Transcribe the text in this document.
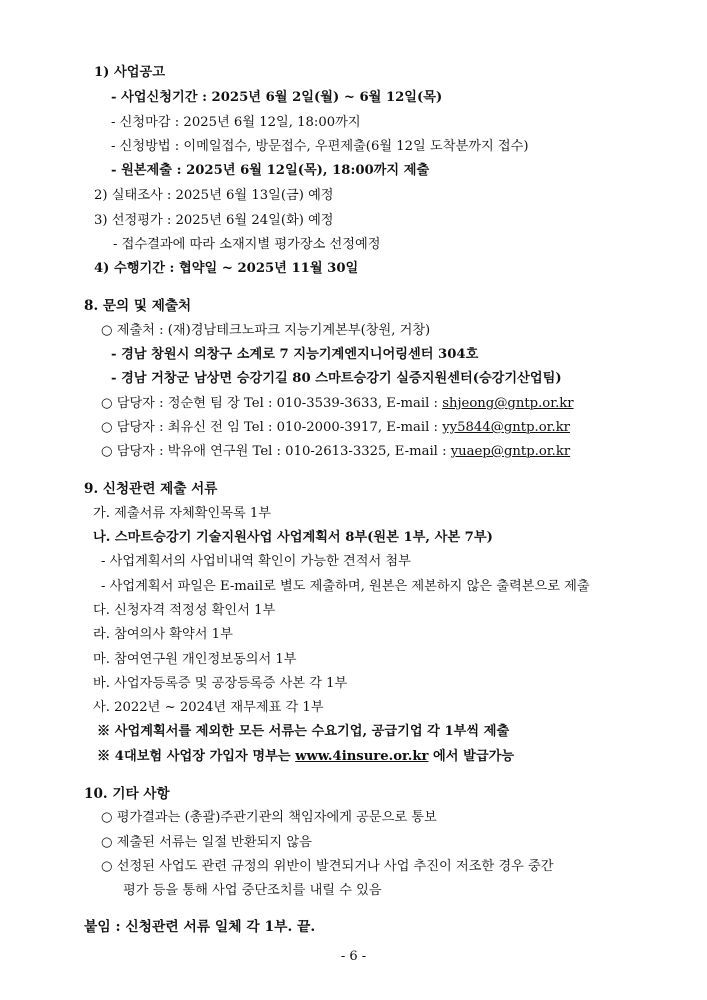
1) 사업공고
- 사업신청기간 : 2025년 6월 2일(월) ~ 6월 12일(목)
- 신청마감 : 2025년 6월 12일, 18:00까지
- 신청방법 : 이메일접수, 방문접수, 우편제출(6월 12일 도착분까지 접수)
- 원본제출 : 2025년 6월 12일(목), 18:00까지 제출
2) 실태조사 : 2025년 6월 13일(금) 예정
3) 선정평가 : 2025년 6월 24일(화) 예정
- 접수결과에 따라 소재지별 평가장소 선정예정
4) 수행기간 : 협약일 ~ 2025년 11월 30일
8. 문의 및 제출처
○ 제출처 : (재)경남테크노파크 지능기계본부(창원, 거창)
- 경남 창원시 의창구 소계로 7 지능기계엔지니어링센터 304호
- 경남 거창군 남상면 승강기길 80 스마트승강기 실증지원센터(승강기산업팀)
○ 담당자 : 정순현 팀 장 Tel : 010-3539-3633, E-mail : shjeong@gntp.or.kr
○ 담당자 : 최유신 전 임 Tel : 010-2000-3917, E-mail : yy5844@gntp.or.kr
○ 담당자 : 박유애 연구원 Tel : 010-2613-3325, E-mail : yuaep@gntp.or.kr
9. 신청관련 제출 서류
가. 제출서류 자체확인목록 1부
나. 스마트승강기 기술지원사업 사업계획서 8부(원본 1부, 사본 7부)
- 사업계획서의 사업비내역 확인이 가능한 견적서 첨부
- 사업계획서 파일은 E-mail로 별도 제출하며, 원본은 제본하지 않은 출력본으로 제출
다. 신청자격 적정성 확인서 1부
라. 참여의사 확약서 1부
마. 참여연구원 개인정보동의서 1부
바. 사업자등록증 및 공장등록증 사본 각 1부
사. 2022년 ~ 2024년 재무제표 각 1부
※ 사업계획서를 제외한 모든 서류는 수요기업, 공급기업 각 1부씩 제출
※ 4대보험 사업장 가입자 명부는 www.4insure.or.kr 에서 발급가능
10. 기타 사항
○ 평가결과는 (총괄)주관기관의 책임자에게 공문으로 통보
○ 제출된 서류는 일절 반환되지 않음
○ 선정된 사업도 관련 규정의 위반이 발견되거나 사업 추진이 저조한 경우 중간
평가 등을 통해 사업 중단조치를 내릴 수 있음
붙임 : 신청관련 서류 일체 각 1부. 끝.
- 6 -
